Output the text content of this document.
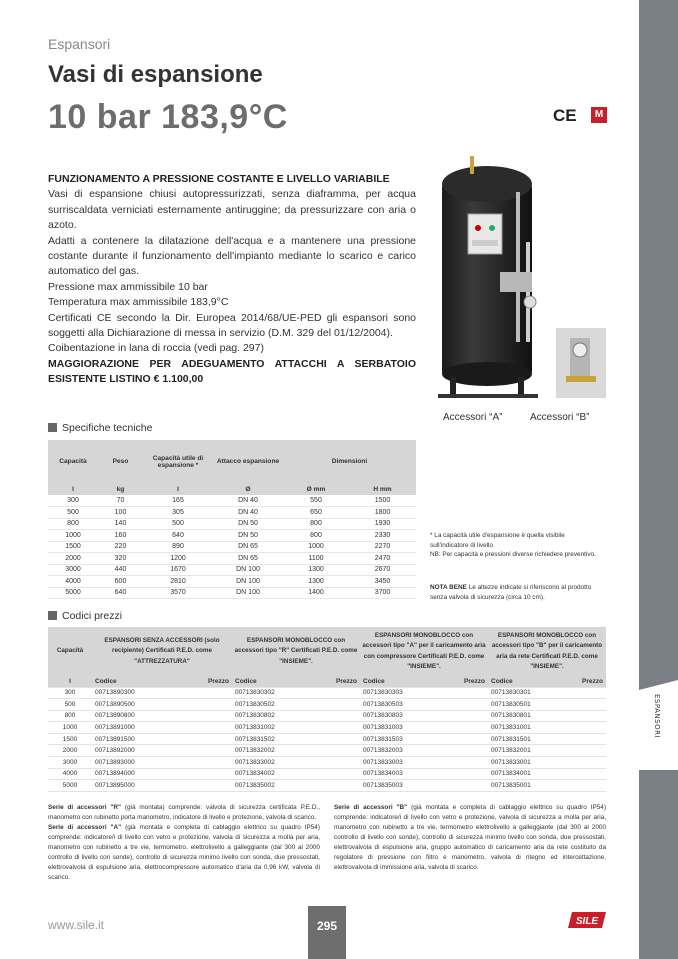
ESPANSORI
Espansori
Vasi di espansione
10 bar 183,9°C	CE	M
FUNZIONAMENTO A PRESSIONE COSTANTE E LIVELLO VARIABILE
Vasi di espansione chiusi autopressurizzati, senza diaframma, per acqua surriscaldata verniciati esternamente antiruggine; da pressurizzare con aria o azoto.
Adatti a contenere la dilatazione dell'acqua e a mantenere una pressione costante durante il funzionamento dell'impianto mediante lo scarico e carico automatico del gas.
Pressione max ammissibile 10 bar
Temperatura max ammissibile 183,9°C
Certificati CE secondo la Dir. Europea 2014/68/UE-PED gli espansori sono soggetti alla Dichiarazione di messa in servizio (D.M. 329 del 01/12/2004).
Coibentazione in lana di roccia (vedi pag. 297)
MAGGIORAZIONE PER ADEGUAMENTO ATTACCHI A SERBATOIO ESISTENTE LISTINO € 1.100,00
Accessori “A”	Accessori “B”
Specifiche tecniche
Capacità	Peso	Capacità utile di espansione *	Attacco espansione	Dimensioni	
l	kg	l	Ø	Ø mm	H mm
300	70	165	DN 40	550	1500
500	100	305	DN 40	650	1800
800	140	500	DN 50	800	1930
1000	160	640	DN 50	800	2330
1500	220	890	DN 65	1000	2270
2000	320	1200	DN 65	1100	2470
3000	440	1670	DN 100	1300	2670
4000	600	2810	DN 100	1300	3450
5000	640	3570	DN 100	1400	3700
* La capacità utile d'espansione è quella visibile sull'indicatore di livello
NB: Per capacità e pressioni diverse richiedere preventivo.
NOTA BENE Le altezze indicate si riferiscono al prodotto senza valvola di sicurezza (circa 10 cm).
Codici prezzi
Capacità	ESPANSORI SENZA ACCESSORI (solo recipiente) Certificati P.E.D. come "ATTREZZATURA"		ESPANSORI MONOBLOCCO con accessori tipo "R" Certificati P.E.D. come "INSIEME".		ESPANSORI MONOBLOCCO con accessori tipo "A" per il caricamento aria con compressore Certificati P.E.D. come "INSIEME".		ESPANSORI MONOBLOCCO con accessori tipo "B" per il caricamento aria da rete Certificati P.E.D. come "INSIEME".	
l	Codice	Prezzo	Codice	Prezzo	Codice	Prezzo	Codice	Prezzo
300	00713890300		00713830302		00713830303		00713830301	
500	00713890500		00713830502		00713830503		00713830501	
800	00713890800		00713830802		00713830803		00713830801	
1000	00713891000		00713831002		00713831003		00713831001	
1500	00713891500		00713831502		00713831503		00713831501	
2000	00713892000		00713832002		00713832003		00713832001	
3000	00713893000		00713833002		00713833003		00713833001	
4000	00713894000		00713834002		00713834003		00713834001	
5000	00713895000		00713835002		00713835003		00713835001	
Serie di accessori "R" (già montata) comprende: valvola di sicurezza certificata P.E.D., manometro con rubinetto porta manometro, indicatore di livello e protezione, valvola di scarico.
Serie di accessori "A" (già montata e completa di cablaggio elettrico su quadro IP54) comprende: indicatore/i di livello con vetro e protezione, valvola di sicurezza a molla per aria, manometro con rubinetto a tre vie, termometro, elettrolivello a galleggiante (dal 300 al 2000 controllo di livello con sonde), controllo di sicurezza minimo livello con sonda, due pressostati, elettrovalvola di espulsione aria, elettrocompressore automatico d'aria da 0,96 kW, valvola di scarico.
Serie di accessori "B" (già montata e completa di cablaggio elettrico su quadro IP54) comprende: indicatore/i di livello con vetro e protezione, valvola di sicurezza a molla per aria, manometro con rubinetto a tre vie, termometro elettrolivello a galleggiante (dal 300 al 2000 controllo di livello con sonde), controllo di sicurezza minimo livello con sonda, due pressostati, elettrovalvola di espulsione aria, gruppo automatico di caricamento aria da rete costituito da regolatore di pressione con filtro e manometro, valvola di ritegno ed intercettazione, elettrovalvola di immissione aria, valvola di scarico.
www.sile.it	295	SILE
